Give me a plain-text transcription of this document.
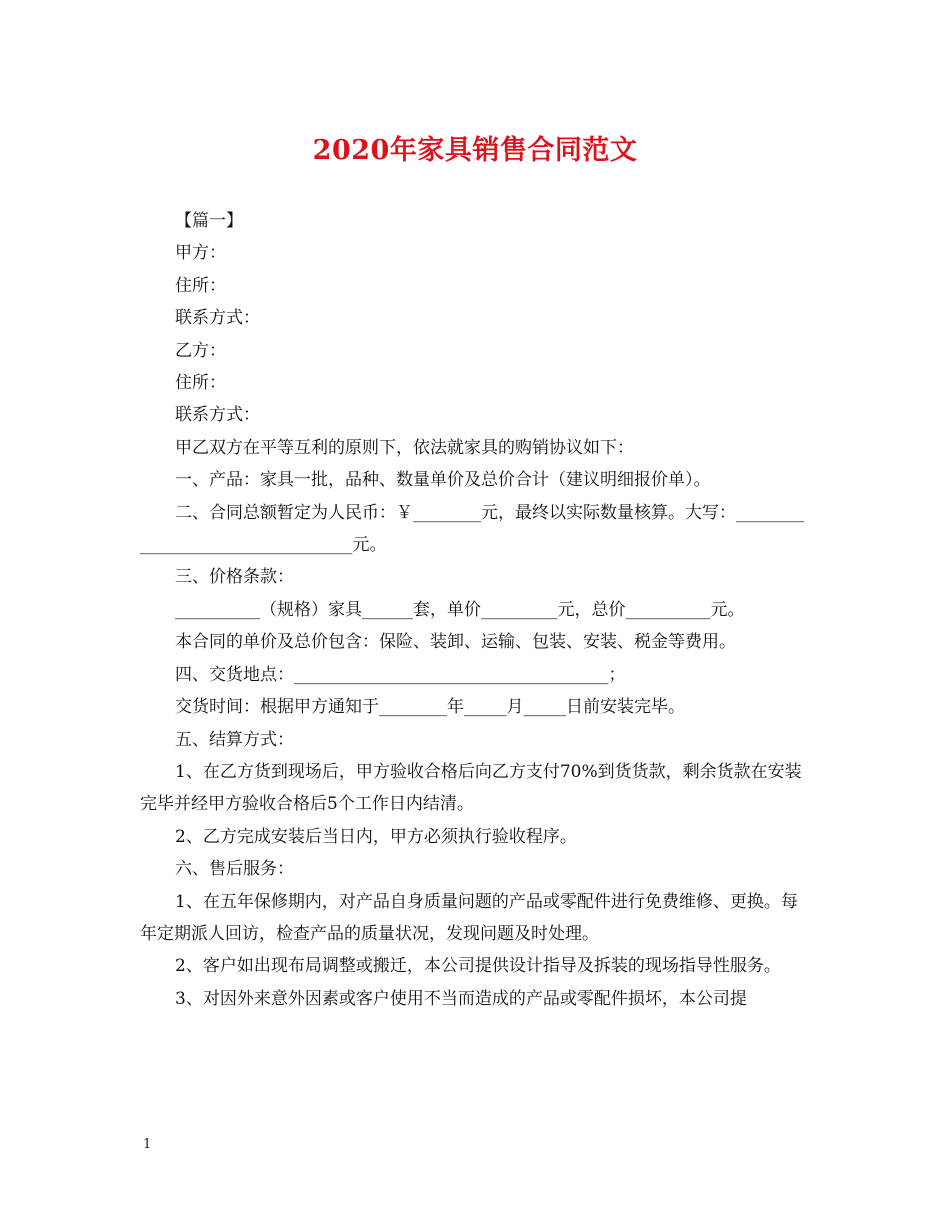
2020年家具销售合同范文

【篇一】

甲方：

住所：

联系方式：

乙方：

住所：

联系方式：

甲乙双方在平等互利的原则下，依法就家具的购销协议如下：

一、产品：家具一批，品种、数量单价及总价合计（建议明细报价单）。

二、合同总额暂定为人民币：￥________元，最终以实际数量核算。大写：_________________________________元。

三、价格条款：

__________（规格）家具______套，单价_________元，总价__________元。

本合同的单价及总价包含：保险、装卸、运输、包装、安装、税金等费用。

四、交货地点：_____________________________________；

交货时间：根据甲方通知于________年_____月_____日前安装完毕。

五、结算方式：

1、在乙方货到现场后，甲方验收合格后向乙方支付70%到货货款，剩余货款在安装完毕并经甲方验收合格后5个工作日内结清。

2、乙方完成安装后当日内，甲方必须执行验收程序。

六、售后服务：

1、在五年保修期内，对产品自身质量问题的产品或零配件进行免费维修、更换。每年定期派人回访，检查产品的质量状况，发现问题及时处理。

2、客户如出现布局调整或搬迁，本公司提供设计指导及拆装的现场指导性服务。

3、对因外来意外因素或客户使用不当而造成的产品或零配件损坏，本公司提

1
